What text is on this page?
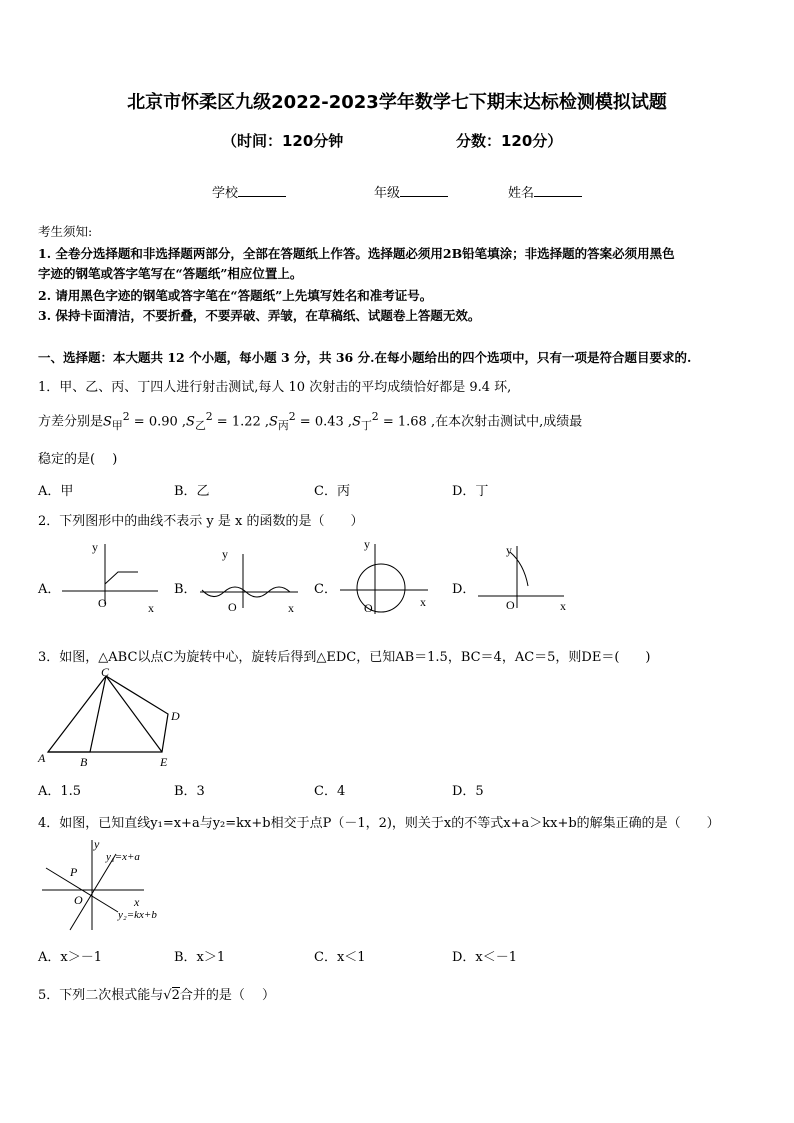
北京市怀柔区九级2022-2023学年数学七下期末达标检测模拟试题
（时间：120分钟	分数：120分）
学校	年级	姓名
考生须知:
1. 全卷分选择题和非选择题两部分，全部在答题纸上作答。选择题必须用2B铅笔填涂；非选择题的答案必须用黑色
字迹的钢笔或答字笔写在“答题纸”相应位置上。
2. 请用黑色字迹的钢笔或答字笔在“答题纸”上先填写姓名和准考证号。
3. 保持卡面清洁，不要折叠，不要弄破、弄皱，在草稿纸、试题卷上答题无效。
一、选择题：本大题共 12 个小题，每小题 3 分，共 36 分.在每小题给出的四个选项中，只有一项是符合题目要求的.
1．甲、乙、丙、丁四人进行射击测试,每人 10 次射击的平均成绩恰好都是 9.4 环,
方差分别是$S_甲^2 = 0.90$ $,S_乙^2 = 1.22$ $,S_丙^2 = 0.43$ $,S_丁^2 = 1.68$ ,在本次射击测试中,成绩最
稳定的是(　 )
A．甲	B．乙	C．丙	D．丁
2．下列图形中的曲线不表示 y 是 x 的函数的是（　　）
A．
y
O	x
B．
y
O	x
C．
y
O	x
D．
y
O	x
3．如图，△ABC以点C为旋转中心，旋转后得到△EDC，已知AB＝1.5，BC＝4，AC＝5，则DE＝(　　)
A	B
C
D
E
A．1.5	B．3	C．4	D．5
4．如图，已知直线y₁=x+a与y₂=kx+b相交于点P（－1，2)，则关于x的不等式x+a＞kx+b的解集正确的是（　　）
y
x
P
O
y₁=x+a
y₂=kx+b
A．x＞－1	B．x＞1	C．x＜1	D．x＜－1
5．下列二次根式能与√2合并的是（　 ）
